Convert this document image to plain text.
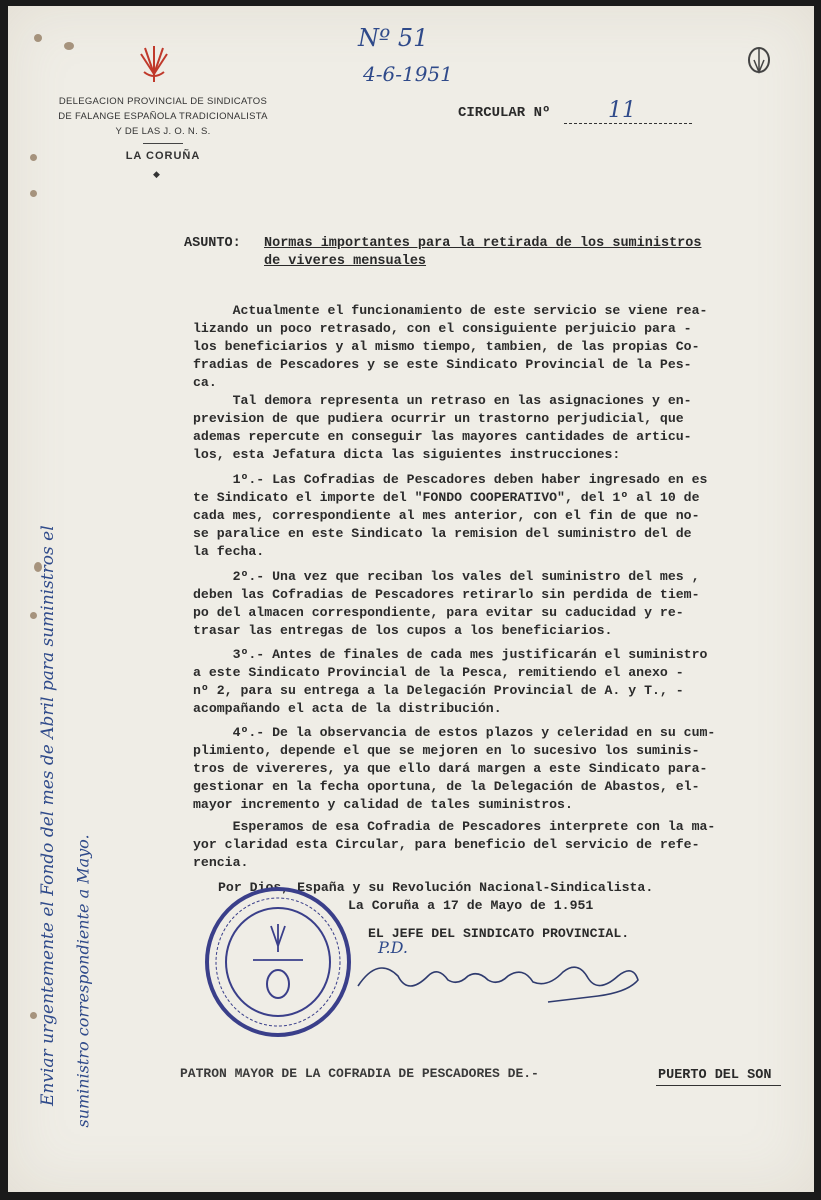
DELEGACION PROVINCIAL DE SINDICATOS
DE FALANGE ESPAÑOLA TRADICIONALISTA
Y DE LAS J. O. N. S.
LA CORUÑA
◆
Nº 51
4-6-1951
CIRCULAR Nº	11
ASUNTO: Normas importantes para la retirada de los suministros
de viveres mensuales
Actualmente el funcionamiento de este servicio se viene rea-
lizando un poco retrasado, con el consiguiente perjuicio para -
los beneficiarios y al mismo tiempo, tambien, de las propias Co-
fradias de Pescadores y se este Sindicato Provincial de la Pes-
ca.
Tal demora representa un retraso en las asignaciones y en-
prevision de que pudiera ocurrir un trastorno perjudicial, que
ademas repercute en conseguir las mayores cantidades de articu-
los, esta Jefatura dicta las siguientes instrucciones:
1º.- Las Cofradias de Pescadores deben haber ingresado en es
te Sindicato el importe del "FONDO COOPERATIVO", del 1º al 10 de
cada mes, correspondiente al mes anterior, con el fin de que no-
se paralice en este Sindicato la remision del suministro del de
la fecha.
2º.- Una vez que reciban los vales del suministro del mes ,
deben las Cofradias de Pescadores retirarlo sin perdida de tiem-
po del almacen correspondiente, para evitar su caducidad y re-
trasar las entregas de los cupos a los beneficiarios.
3º.- Antes de finales de cada mes justificarán el suministro
a este Sindicato Provincial de la Pesca, remitiendo el anexo -
nº 2, para su entrega a la Delegación Provincial de A. y T., -
acompañando el acta de la distribución.
4º.- De la observancia de estos plazos y celeridad en su cum-
plimiento, depende el que se mejoren en lo sucesivo los suminis-
tros de vivereres, ya que ello dará margen a este Sindicato para-
gestionar en la fecha oportuna, de la Delegación de Abastos, el-
mayor incremento y calidad de tales suministros.
Esperamos de esa Cofradia de Pescadores interprete con la ma-
yor claridad esta Circular, para beneficio del servicio de refe-
rencia.
Por Dios, España y su Revolución Nacional-Sindicalista.
La Coruña a 17 de Mayo de 1.951
EL JEFE DEL SINDICATO PROVINCIAL.
P.D.
PATRON MAYOR DE LA COFRADIA DE PESCADORES DE.-	PUERTO DEL SON
Enviar urgentemente el Fondo del mes de Abril para suministros el suministro correspondiente a Mayo.
